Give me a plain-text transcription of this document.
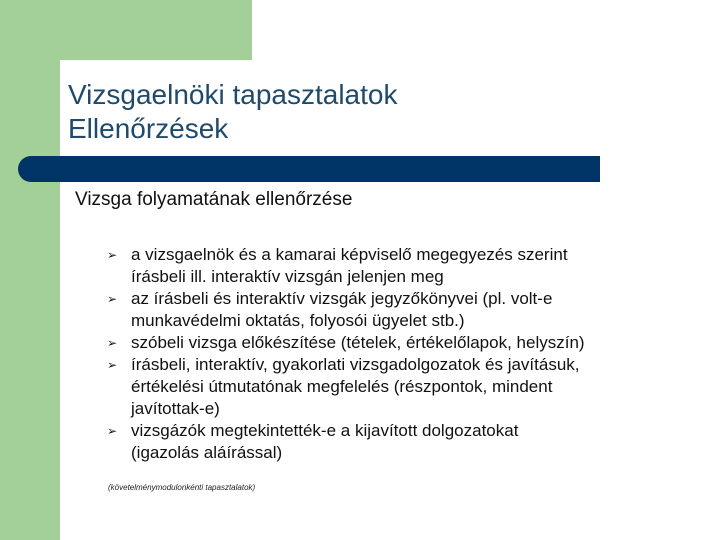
Vizsgaelnöki tapasztalatok
Ellenőrzések
Vizsga folyamatának ellenőrzése
➢ a vizsgaelnök és a kamarai képviselő megegyezés szerint
írásbeli ill. interaktív vizsgán jelenjen meg
➢ az írásbeli és interaktív vizsgák jegyzőkönyvei (pl. volt-e
munkavédelmi oktatás, folyosói ügyelet stb.)
➢ szóbeli vizsga előkészítése (tételek, értékelőlapok, helyszín)
➢ írásbeli, interaktív, gyakorlati vizsgadolgozatok és javításuk,
értékelési útmutatónak megfelelés (részpontok, mindent
javítottak-e)
➢ vizsgázók megtekintették-e a kijavított dolgozatokat
(igazolás aláírással)
(követelménymodulonkénti tapasztalatok)
